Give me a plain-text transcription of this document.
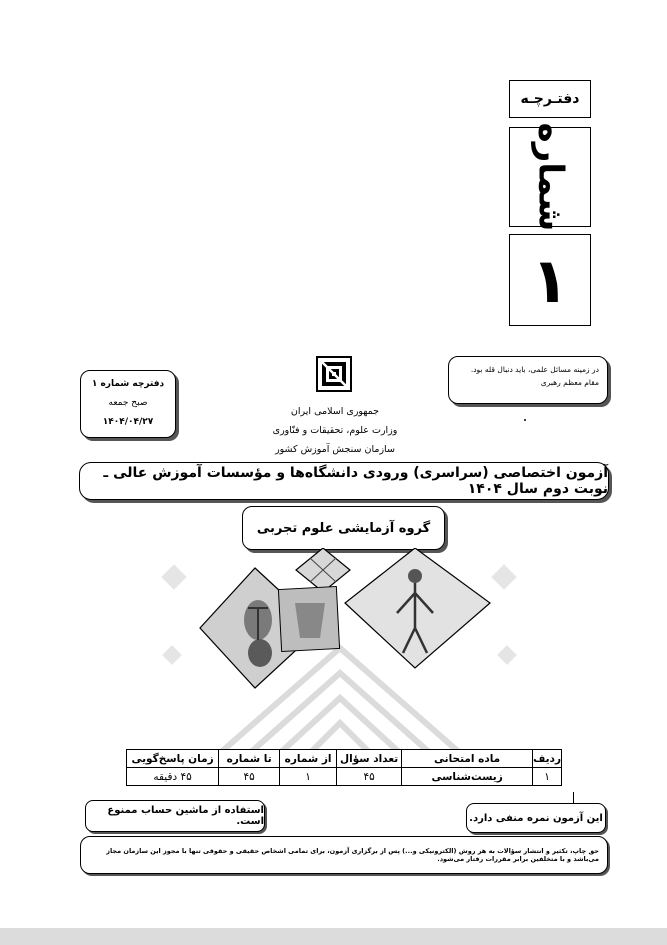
دفتـرچـه
شماره
۱
در زمینه مسائل علمی، باید دنبال قله بود.
مقام معظم رهبری
دفترچه شماره ۱
صبح جمعه
۱۴۰۴/۰۴/۲۷
جمهوری اسلامی ایران
وزارت علوم، تحقیقات و فنّاوری
سازمان سنجش آموزش کشور
آزمون اختصاصی (سراسری) ورودی دانشگاه‌ها و مؤسسات آموزش عالی ـ نوبت دوم سال ۱۴۰۴
گروه آزمایشی علوم تجربی
ردیف	ماده امتحانی	تعداد سؤال	از شماره	تا شماره	زمان پاسخ‌گویی
۱	زیست‌شناسی	۴۵	۱	۴۵	۴۵ دقیقه
این آزمون نمره منفی دارد.
استفاده از ماشین حساب ممنوع است.
حق چاپ، تکثیر و انتشار سؤالات به هر روش (الکترونیکی و...) پس از برگزاری آزمون، برای تمامی اشخاص حقیقی و حقوقی تنها با مجوز این سازمان مجاز می‌باشد و با متخلفین برابر مقررات رفتار می‌شود.
